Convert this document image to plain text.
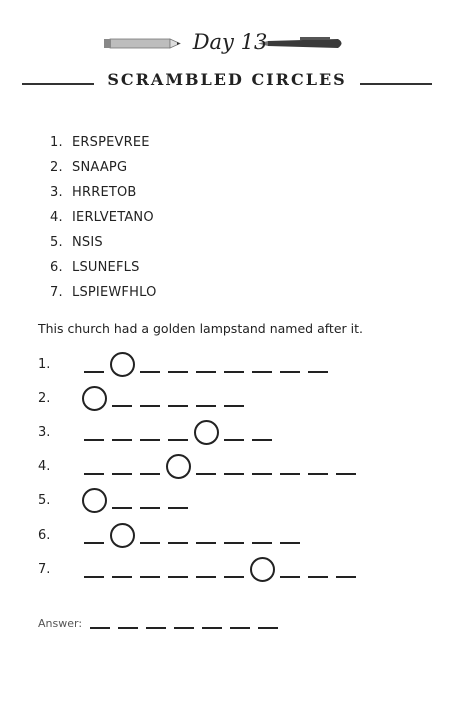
Day 13
SCRAMBLED CIRCLES
1. ERSPEVREE
2. SNAAPG
3. HRRETOB
4. IERLVETANO
5. NSIS
6. LSUNEFLS
7. LSPIEWFHLO
This church had a golden lampstand named after it.
1.
2.
3.
4.
5.
6.
7.
Answer:
